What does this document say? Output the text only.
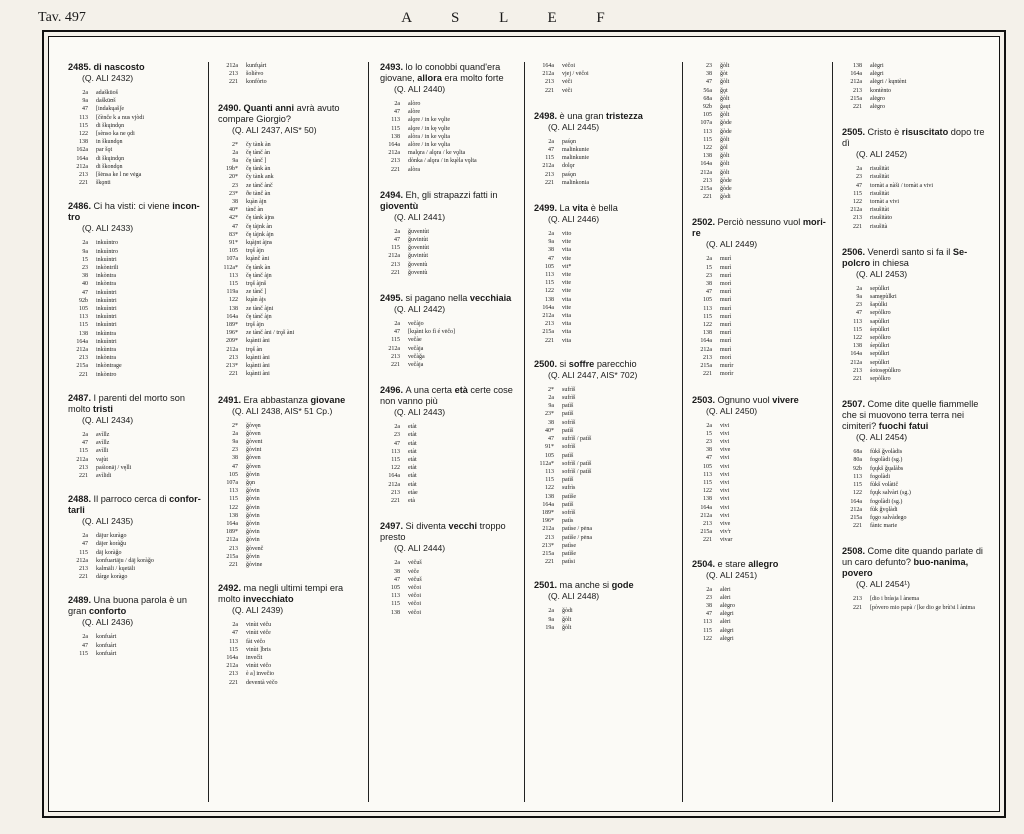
Tav. 497	A S L E F
2485. di nascosto
(Q. ALI 2432)
2a	adašküoš
9a	dašküʊš
47	[indakųašʃe
113	[čènče k a nus vjòdi
115	di škųindǫn
122	[sènso ka ne ǫdi
138	in škundǫn
162a	par šǫt
164a	di škųindǫn
212a	di škondǫn
213	[šėnsa ke l ne vėga
221	škǫnti
2486. Ci ha visti: ci viene incon-tro
(Q. ALI 2433)
2a	inkuìntro
9a	inkuìntro
15	inkuìntri
23	inkòntrili
38	inkòntra
40	inkòntra
47	inkuìntri
92b	inkuìntri
105	inkuìntri
113	inkuìntri
115	inkuìntri
138	inkùntra
164a	inkuìntri
212a	inkùntra
213	inkòntra
215a	inkòntrage
221	inkòntro
2487. I parenti del morto son molto tristi
(Q. ALI 2434)
2a	avìllz
47	avìllz
115	avìlli
212a	vajùt
213	paśionāj / vęlli
221	avìlidi
2488. Il parroco cerca di confor-tarli
(Q. ALI 2435)
2a	dājur kuràgo
47	dājer koràǧu
115	dāj koràǧo
212a	konfuartāju / dāj koràǧo
213	kalmāli / kųetāli
221	dárge koràgo
2489. Una buona parola è un gran conforto
(Q. ALI 2436)
2a	konfuárt
47	konfuárt
115	konfuárt
212a	kunfųárt
213	šolièvo
221	konfòrto
2490. Quanti anni avrà avuto compare Giorgio?
(Q. ALI 2437, AIS* 50)
2*	čy tànk àn
2a	čę tànč àn
9a	čę tànč ]
19b*	čę tànk àn
20*	čy tànk ank
23	ze tànč ànč
23*	ðe tànč àn
38	kųàn àjn
40*	tànč àn
42*	čę tànk àjns
47	čę tàjnk àn
83*	čę tàjnk àjn
91*	kųàjnt àjns
105	trǫš àjn
107a	kųànč àni
112a*	čę tànk àn
113	čę tànč àjn
115	trǫš àjnš
119a	ze tànč ]
122	kųàn àjs
138	ze tànč àjni
164a	čę tànč àjn
189*	trǫš àjn
196*	ze tànč àni / trǫš àni
209*	kųànti àni
212a	trǫš àn
213	kųànti àni
213*	kųànti àni
221	kųànti àni
2491. Era abbastanza giovane
(Q. ALI 2438, AIS* 51 Cp.)
2*	ǧòvęn
2a	ǧòven
9a	ǧòvent
23	ǧòvint
38	ǧòven
47	ǧòven
105	ǧòvin
107a	ǧǫn
113	ǧòvin
115	ǧòvin
122	ǧòvin
138	ǧòvin
164a	ǧòvin
189*	ǧòvin
212a	ǧòvin
213	ǧòvenč
215a	ǧòvin
221	ǧòvine
2492. ma negli ultimi tempi era molto invecchiato
(Q. ALI 2439)
2a	vinùt vėču
47	vinùt vėče
113	fàt vėčo
115	vinùt ]bris
164a	invečìt
212a	vinùt vėčo
213	è a] invečio
221	deventà vėčo
2493. lo lo conobbi quand'era giovane, allora era molto forte
(Q. ALI 2440)
2a	alòro
47	alòre
113	alǫre / in ke vǫlte
115	alǫre / in kę vǫlte
138	alòra / in ke vǫlta
164a	alòre / in ke vǫlta
212a	malǫra / alǫra / ke vǫlta
213	dònka / alǫra / in kųèla vǫlta
221	alòra
2494. Eh, gli strapazzi fatti in gioventù
(Q. ALI 2441)
2a	ǧuventùt
47	ǧuvintùt
115	ǧoventùt
212a	ǧuvintùt
213	ǧoventù
221	ǧoventù
2495. si pagano nella vecchiaia
(Q. ALI 2442)
2a	večàjo
47	[kųànt ko fì é vėčo]
115	večàe
212a	večàja
213	večàǧa
221	večàja
2496. A una certa età certe cose non vanno più
(Q. ALI 2443)
2a	etàt
23	etàt
47	etàt
113	etàt
115	etàt
122	etàt
164a	etàt
212a	etàt
213	etàe
221	età
2497. Si diventa vecchi troppo presto
(Q. ALI 2444)
2a	vėčuš
38	vėče
47	vėčuš
105	vėčoi
113	vėčoi
115	vėčoi
138	vėčoi
164a	vėčoi
212a	vjej / vėčoi
213	vėči
221	vėči
2498. è una gran tristezza
(Q. ALI 2445)
2a	paśǫn
47	malinkunie
115	malinkunie
212a	dolǫr
213	paśǫn
221	malinkonia
2499. La vita è bella
(Q. ALI 2446)
2a	vito
9a	vite
38	vita
47	vite
105	vit*
113	vite
115	vite
122	vite
138	vita
164a	vite
212a	vita
213	vita
215a	vita
221	vita
2500. si soffre parecchio
(Q. ALI 2447, AIS* 702)
2*	sufrìš
2a	sufrìš
9a	patìš
23*	patìš
38	sofrìš
40*	patìš
47	sufrìš / patìš
91*	sofrìš
105	patìš
112a*	sofrìš / patìš
113	sofrìš / patìš
115	patìš
122	sufrìs
138	patìše
164a	patìš
189*	sofrìš
196*	patìs
212a	patìse / pėna
213	patìše / pėna
213*	patìse
215a	patìše
221	patìsi
2501. ma anche si gode
(Q. ALI 2448)
2a	ǧòdi
9a	ǧòlt
19a	ǧòlt
23	ǧòlt
38	ǧòt
47	ǧòlt
56a	ǧǫt
68a	ǧòlt
92b	ǧaųt
105	ǧòlt
107a	ǧòde
113	ǧòde
115	ǧòlt
122	ǧòl
138	ǧòlt
164a	ǧòlt
212a	ǧòlt
213	ǧòde
215a	ǧòde
221	ǧòdi
2502. Perciò nessuno vuol mori-re
(Q. ALI 2449)
2a	murì
15	murì
23	murì
38	morì
47	murì
105	murì
113	murì
115	murì
122	murì
138	murì
164a	murì
212a	murì
213	morì
215a	murìr
221	morìr
2503. Ognuno vuol vivere
(Q. ALI 2450)
2a	vivi
15	vivi
23	vivi
38	vive
47	vivi
105	vivi
113	vivi
115	vivi
122	vivi
138	vivi
164a	vivi
212a	vivi
213	vive
215a	vivⁱr
221	vivar
2504. e stare allegro
(Q. ALI 2451)
2a	alėri
23	alėri
38	alėgro
47	alėgri
113	alėri
115	alėgri
122	alėgri
138	alėgri
164a	alėgri
212a	alėgri / kųntènt
213	kontènto
215a	alėgro
221	alėgro
2505. Cristo è risuscitato dopo tre dì
(Q. ALI 2452)
2a	risušitàt
23	risušitàt
47	tornàt a nàši / tornàt a vivi
115	risušitàt
122	tornàt a vivi
212a	risušitàt
213	risušitàto
221	risušità
2506. Venerdì santo si fa il Se-polcro in chiesa
(Q. ALI 2453)
2a	sepùlkri
9a	samępùlkri
23	šapùlki
47	sepòlkro
113	sapùlkri
115	śepùlkri
122	sepòlkro
138	śepùlkri
164a	sepùlkri
212a	sepùlkri
213	śotosępùlkro
221	sepòlkro
2507. Come dite quelle fiammelle che si muovono terra terra nei cimiteri? fuochi fatui
(Q. ALI 2454)
68a	fùkš ǧvolàdis
80a	fogolàdi (sg.)
92b	fǫųkš ǧųalàbs
113	fogolàdi
115	fùkš volàtič
122	fǫųk salvàri (sg.)
164a	fogolàdi (sg.)
212a	fùk ǧvǫlàdi
215a	fǫgo salvàdego
221	fàntc marie
2508. Come dite quando parlate di un caro defunto? buo-nanima, povero
(Q. ALI 2454¹)
213	[dio i bràsja l ànema
221	[pòvero mio papà / [ke dio ge brù'si l ànima
